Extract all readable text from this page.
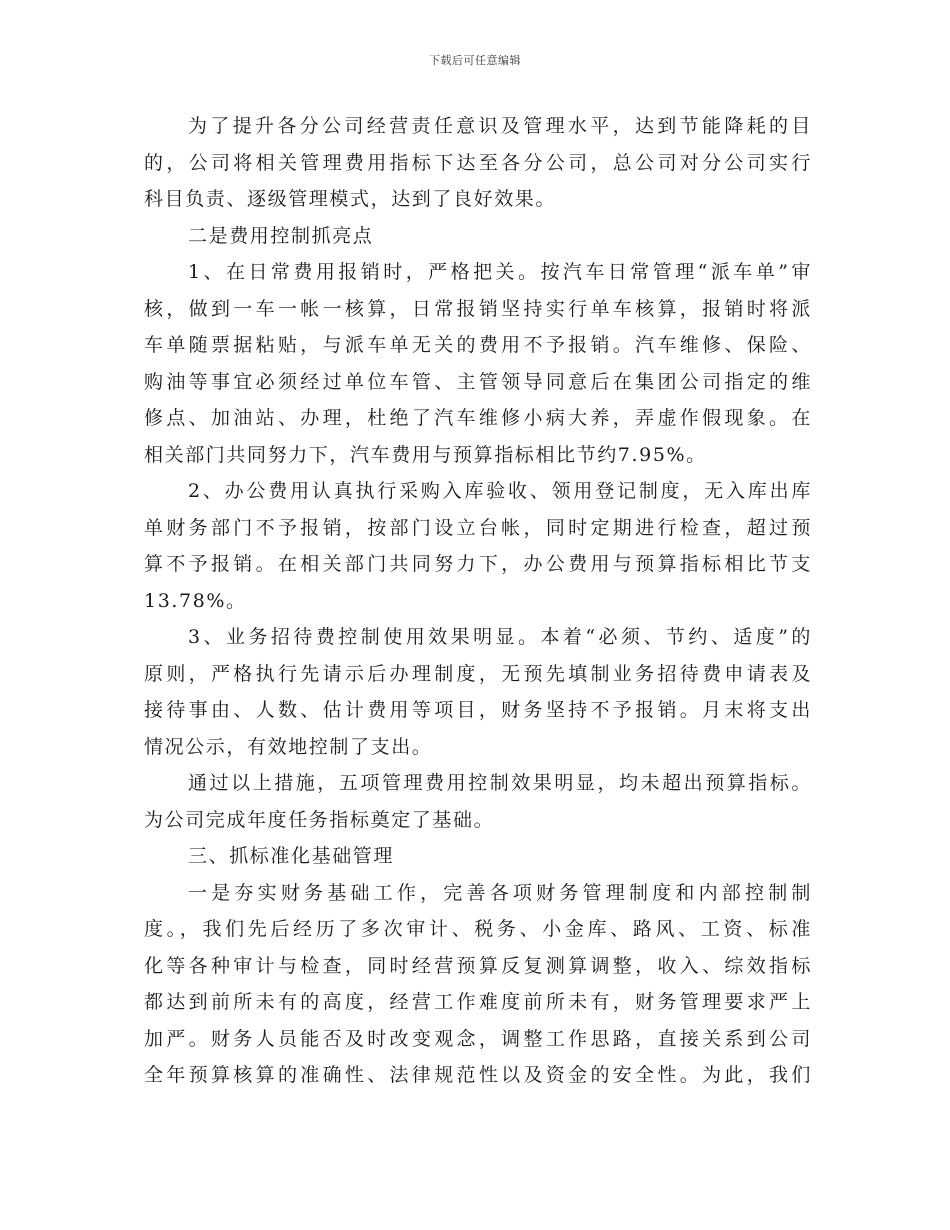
下载后可任意编辑
为了提升各分公司经营责任意识及管理水平，达到节能降耗的目
的，公司将相关管理费用指标下达至各分公司，总公司对分公司实行
科目负责、逐级管理模式，达到了良好效果。
二是费用控制抓亮点
1、在日常费用报销时，严格把关。按汽车日常管理“派车单”审
核，做到一车一帐一核算，日常报销坚持实行单车核算，报销时将派
车单随票据粘贴，与派车单无关的费用不予报销。汽车维修、保险、
购油等事宜必须经过单位车管、主管领导同意后在集团公司指定的维
修点、加油站、办理，杜绝了汽车维修小病大养，弄虚作假现象。在
相关部门共同努力下，汽车费用与预算指标相比节约7.95%。
2、办公费用认真执行采购入库验收、领用登记制度，无入库出库
单财务部门不予报销，按部门设立台帐，同时定期进行检查，超过预
算不予报销。在相关部门共同努力下，办公费用与预算指标相比节支
13.78%。
3、业务招待费控制使用效果明显。本着“必须、节约、适度”的
原则，严格执行先请示后办理制度，无预先填制业务招待费申请表及
接待事由、人数、估计费用等项目，财务坚持不予报销。月末将支出
情况公示，有效地控制了支出。
通过以上措施，五项管理费用控制效果明显，均未超出预算指标。
为公司完成年度任务指标奠定了基础。
三、抓标准化基础管理
一是夯实财务基础工作，完善各项财务管理制度和内部控制制
度。，我们先后经历了多次审计、税务、小金库、路风、工资、标准
化等各种审计与检查，同时经营预算反复测算调整，收入、综效指标
都达到前所未有的高度，经营工作难度前所未有，财务管理要求严上
加严。财务人员能否及时改变观念，调整工作思路，直接关系到公司
全年预算核算的准确性、法律规范性以及资金的安全性。为此，我们
